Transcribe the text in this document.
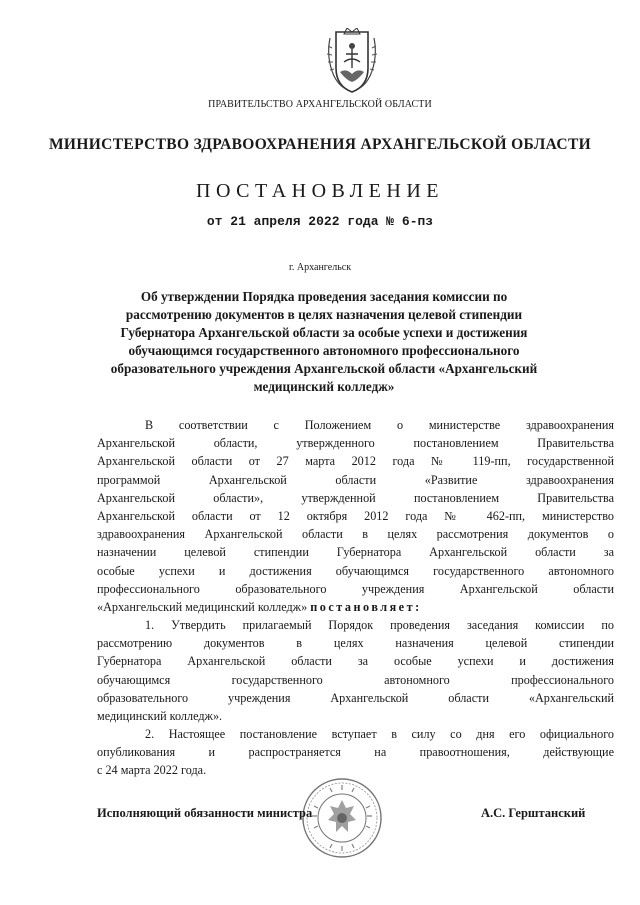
ПРАВИТЕЛЬСТВО АРХАНГЕЛЬСКОЙ ОБЛАСТИ
МИНИСТЕРСТВО ЗДРАВООХРАНЕНИЯ АРХАНГЕЛЬСКОЙ ОБЛАСТИ
ПОСТАНОВЛЕНИЕ
от 21 апреля 2022 года № 6-пз
г. Архангельск
Об утверждении Порядка проведения заседания комиссии по
рассмотрению документов в целях назначения целевой стипендии
Губернатора Архангельской области за особые успехи и достижения
обучающимся государственного автономного профессионального
образовательного учреждения Архангельской области «Архангельский
медицинский колледж»
В соответствии с Положением о министерстве здравоохранения
Архангельской области, утвержденного постановлением Правительства
Архангельской области от 27 марта 2012 года № 119-пп, государственной
программой Архангельской области «Развитие здравоохранения
Архангельской области», утвержденной постановлением Правительства
Архангельской области от 12 октября 2012 года № 462-пп, министерство
здравоохранения Архангельской области в целях рассмотрения документов о
назначении целевой стипендии Губернатора Архангельской области за
особые успехи и достижения обучающимся государственного автономного
профессионального образовательного учреждения Архангельской области
«Архангельский медицинский колледж» постановляет:
1. Утвердить прилагаемый Порядок проведения заседания комиссии по
рассмотрению документов в целях назначения целевой стипендии
Губернатора Архангельской области за особые успехи и достижения
обучающимся государственного автономного профессионального
образовательного учреждения Архангельской области «Архангельский
медицинский колледж».
2. Настоящее постановление вступает в силу со дня его официального
опубликования и распространяется на правоотношения, действующие
с 24 марта 2022 года.
Исполняющий обязанности министра	А.С. Герштанский
